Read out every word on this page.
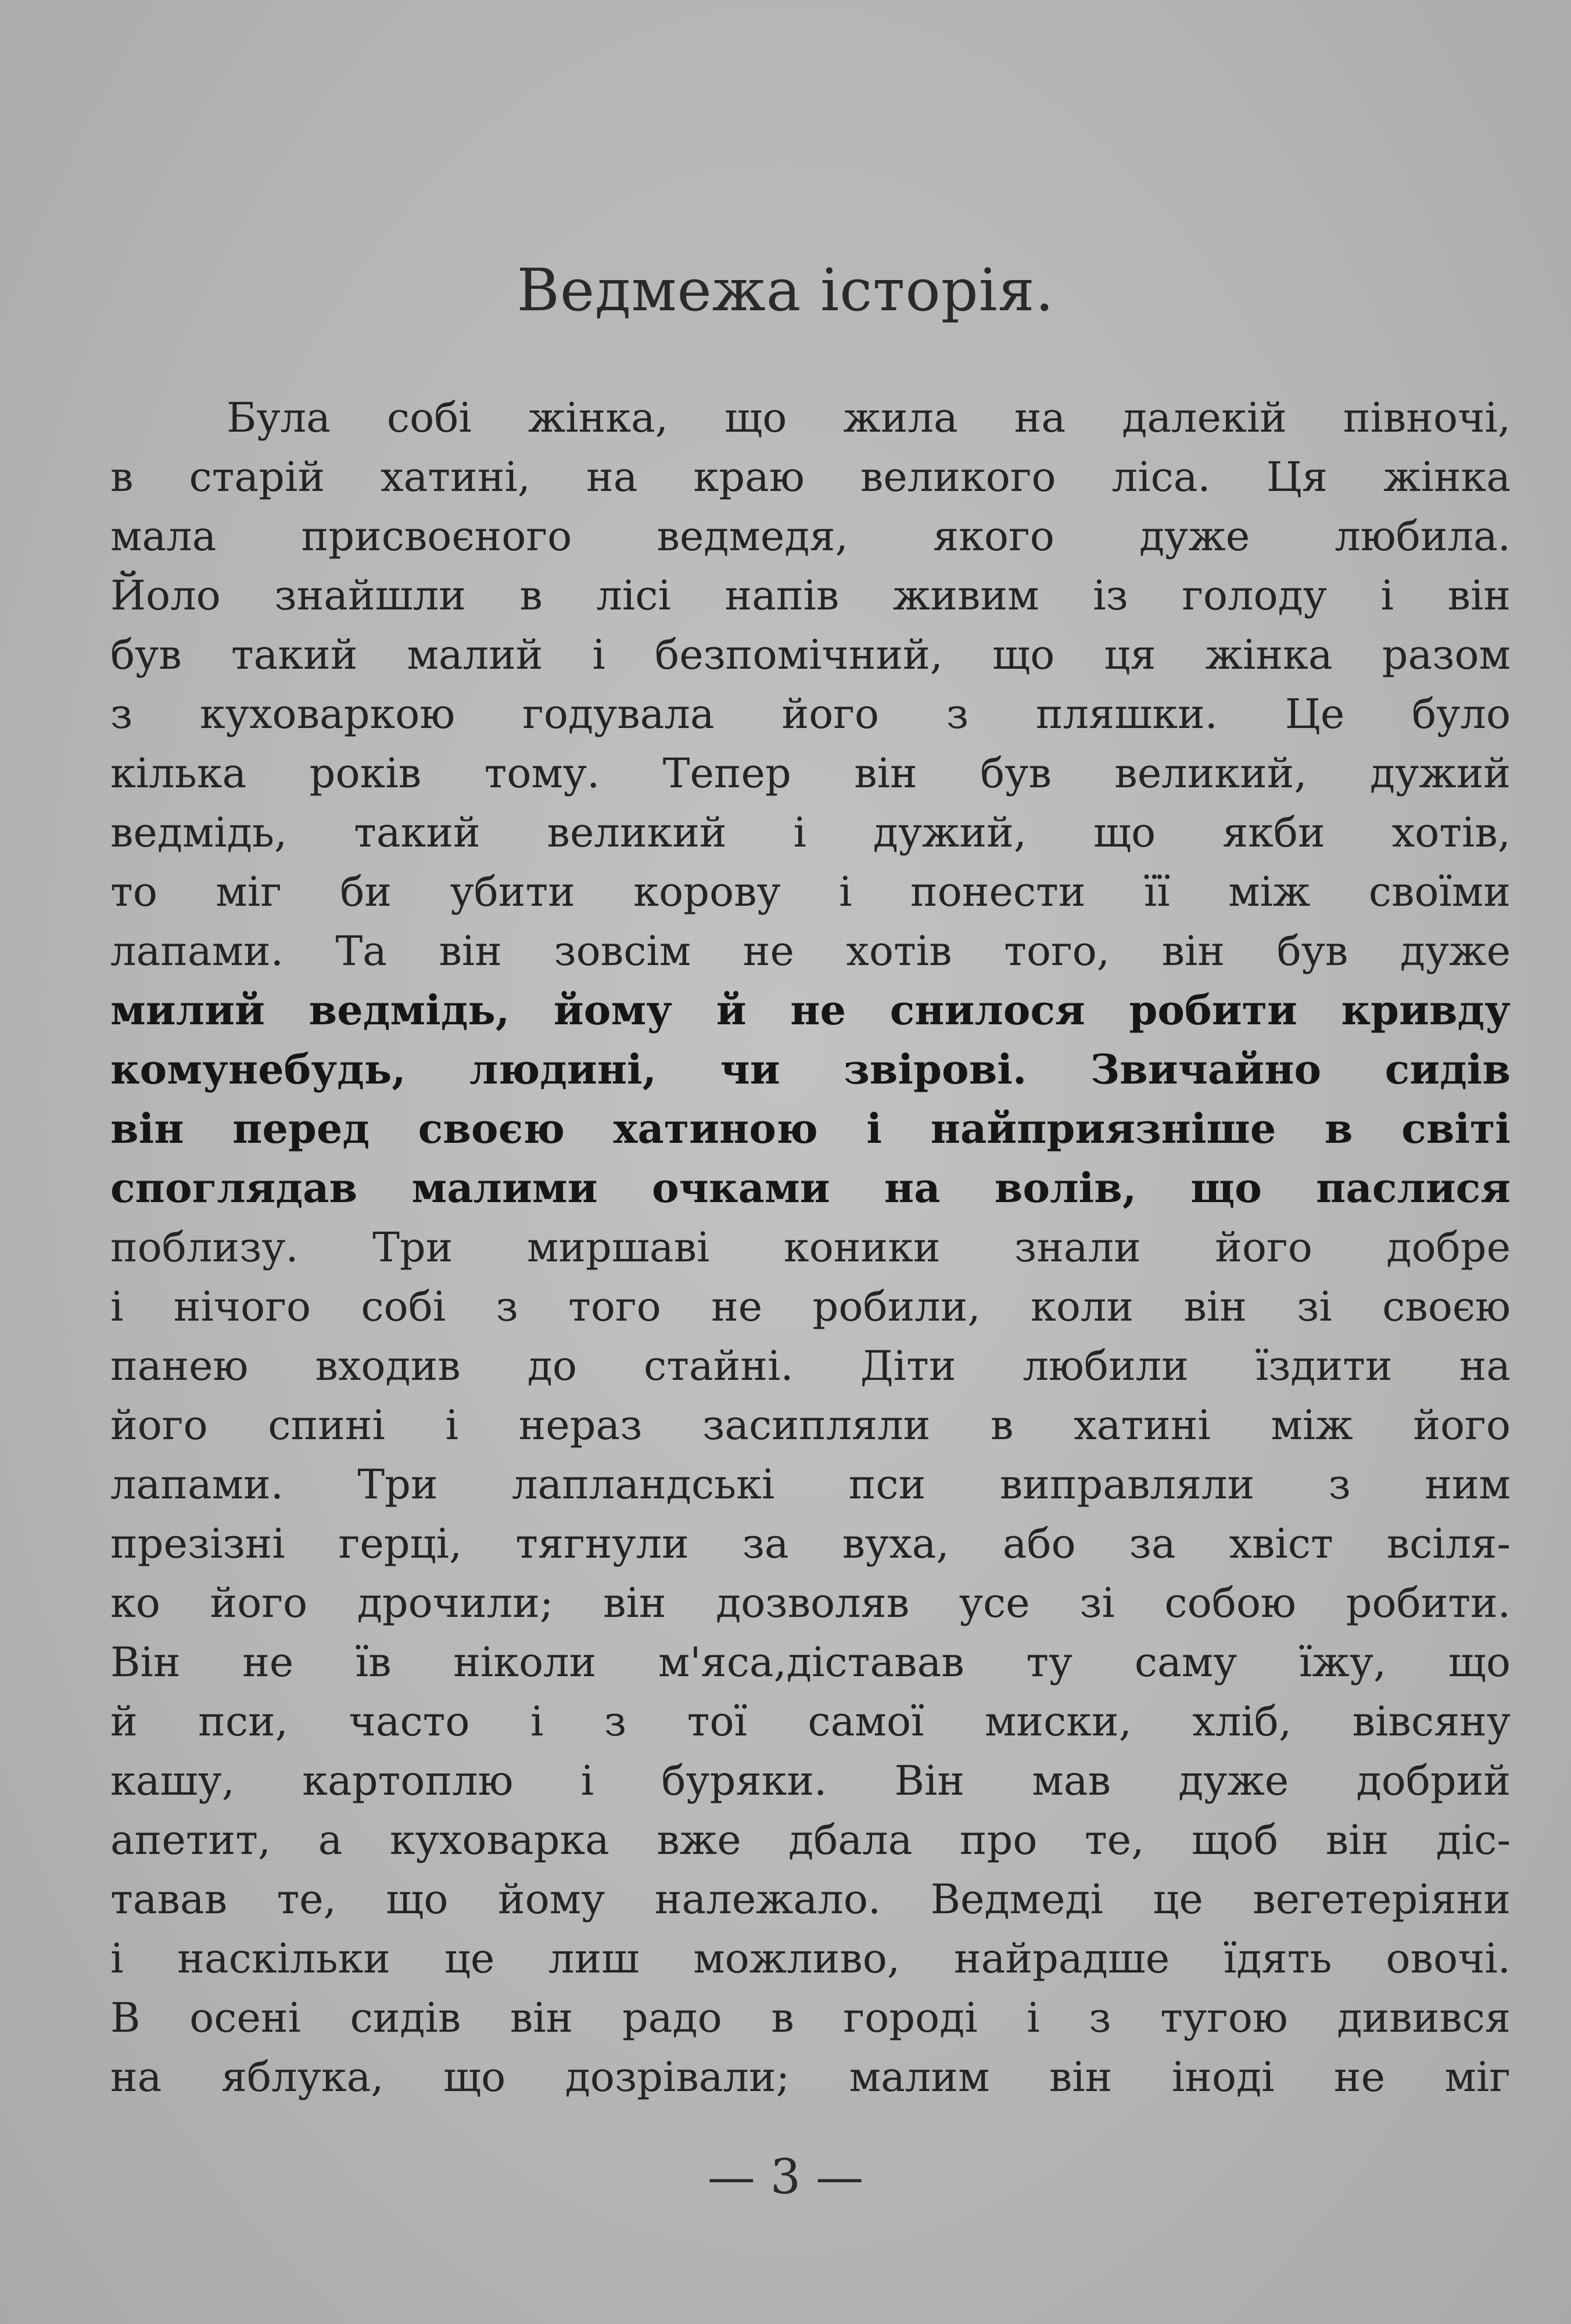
Ведмежа історія.
Була собі жінка, що жила на далекій півночі,
в старій хатині, на краю великого ліса. Ця жінка
мала присвоєного ведмедя, якого дуже любила.
Йоло знайшли в лісі напів живим із голоду і він
був такий малий і безпомічний, що ця жінка разом
з куховаркою годувала його з пляшки. Це було
кілька років тому. Тепер він був великий, дужий
ведмідь, такий великий і дужий, що якби хотів,
то міг би убити корову і понести її між своїми
лапами. Та він зовсім не хотів того, він був дуже
милий ведмідь, йому й не снилося робити кривду
комунебудь, людині, чи звірові. Звичайно сидів
він перед своєю хатиною і найприязніше в світі
споглядав малими очками на волів, що паслися
поблизу. Три миршаві коники знали його добре
і нічого собі з того не робили, коли він зі своєю
панею входив до стайні. Діти любили їздити на
його спині і нераз засипляли в хатині між його
лапами. Три лапландські пси виправляли з ним
презізні герці, тягнули за вуха, або за хвіст всіля-
ко його дрочили; він дозволяв усе зі собою робити.
Він не їв ніколи м'яса,діставав ту саму їжу, що
й пси, часто і з тої самої миски, хліб, вівсяну
кашу, картоплю і буряки. Він мав дуже добрий
апетит, а куховарка вже дбала про те, щоб він діс-
тавав те, що йому належало. Ведмеді це вегетеріяни
і наскільки це лиш можливо, найрадше їдять овочі.
В осені сидів він радо в городі і з тугою дивився
на яблука, що дозрівали; малим він іноді не міг
— 3 —
